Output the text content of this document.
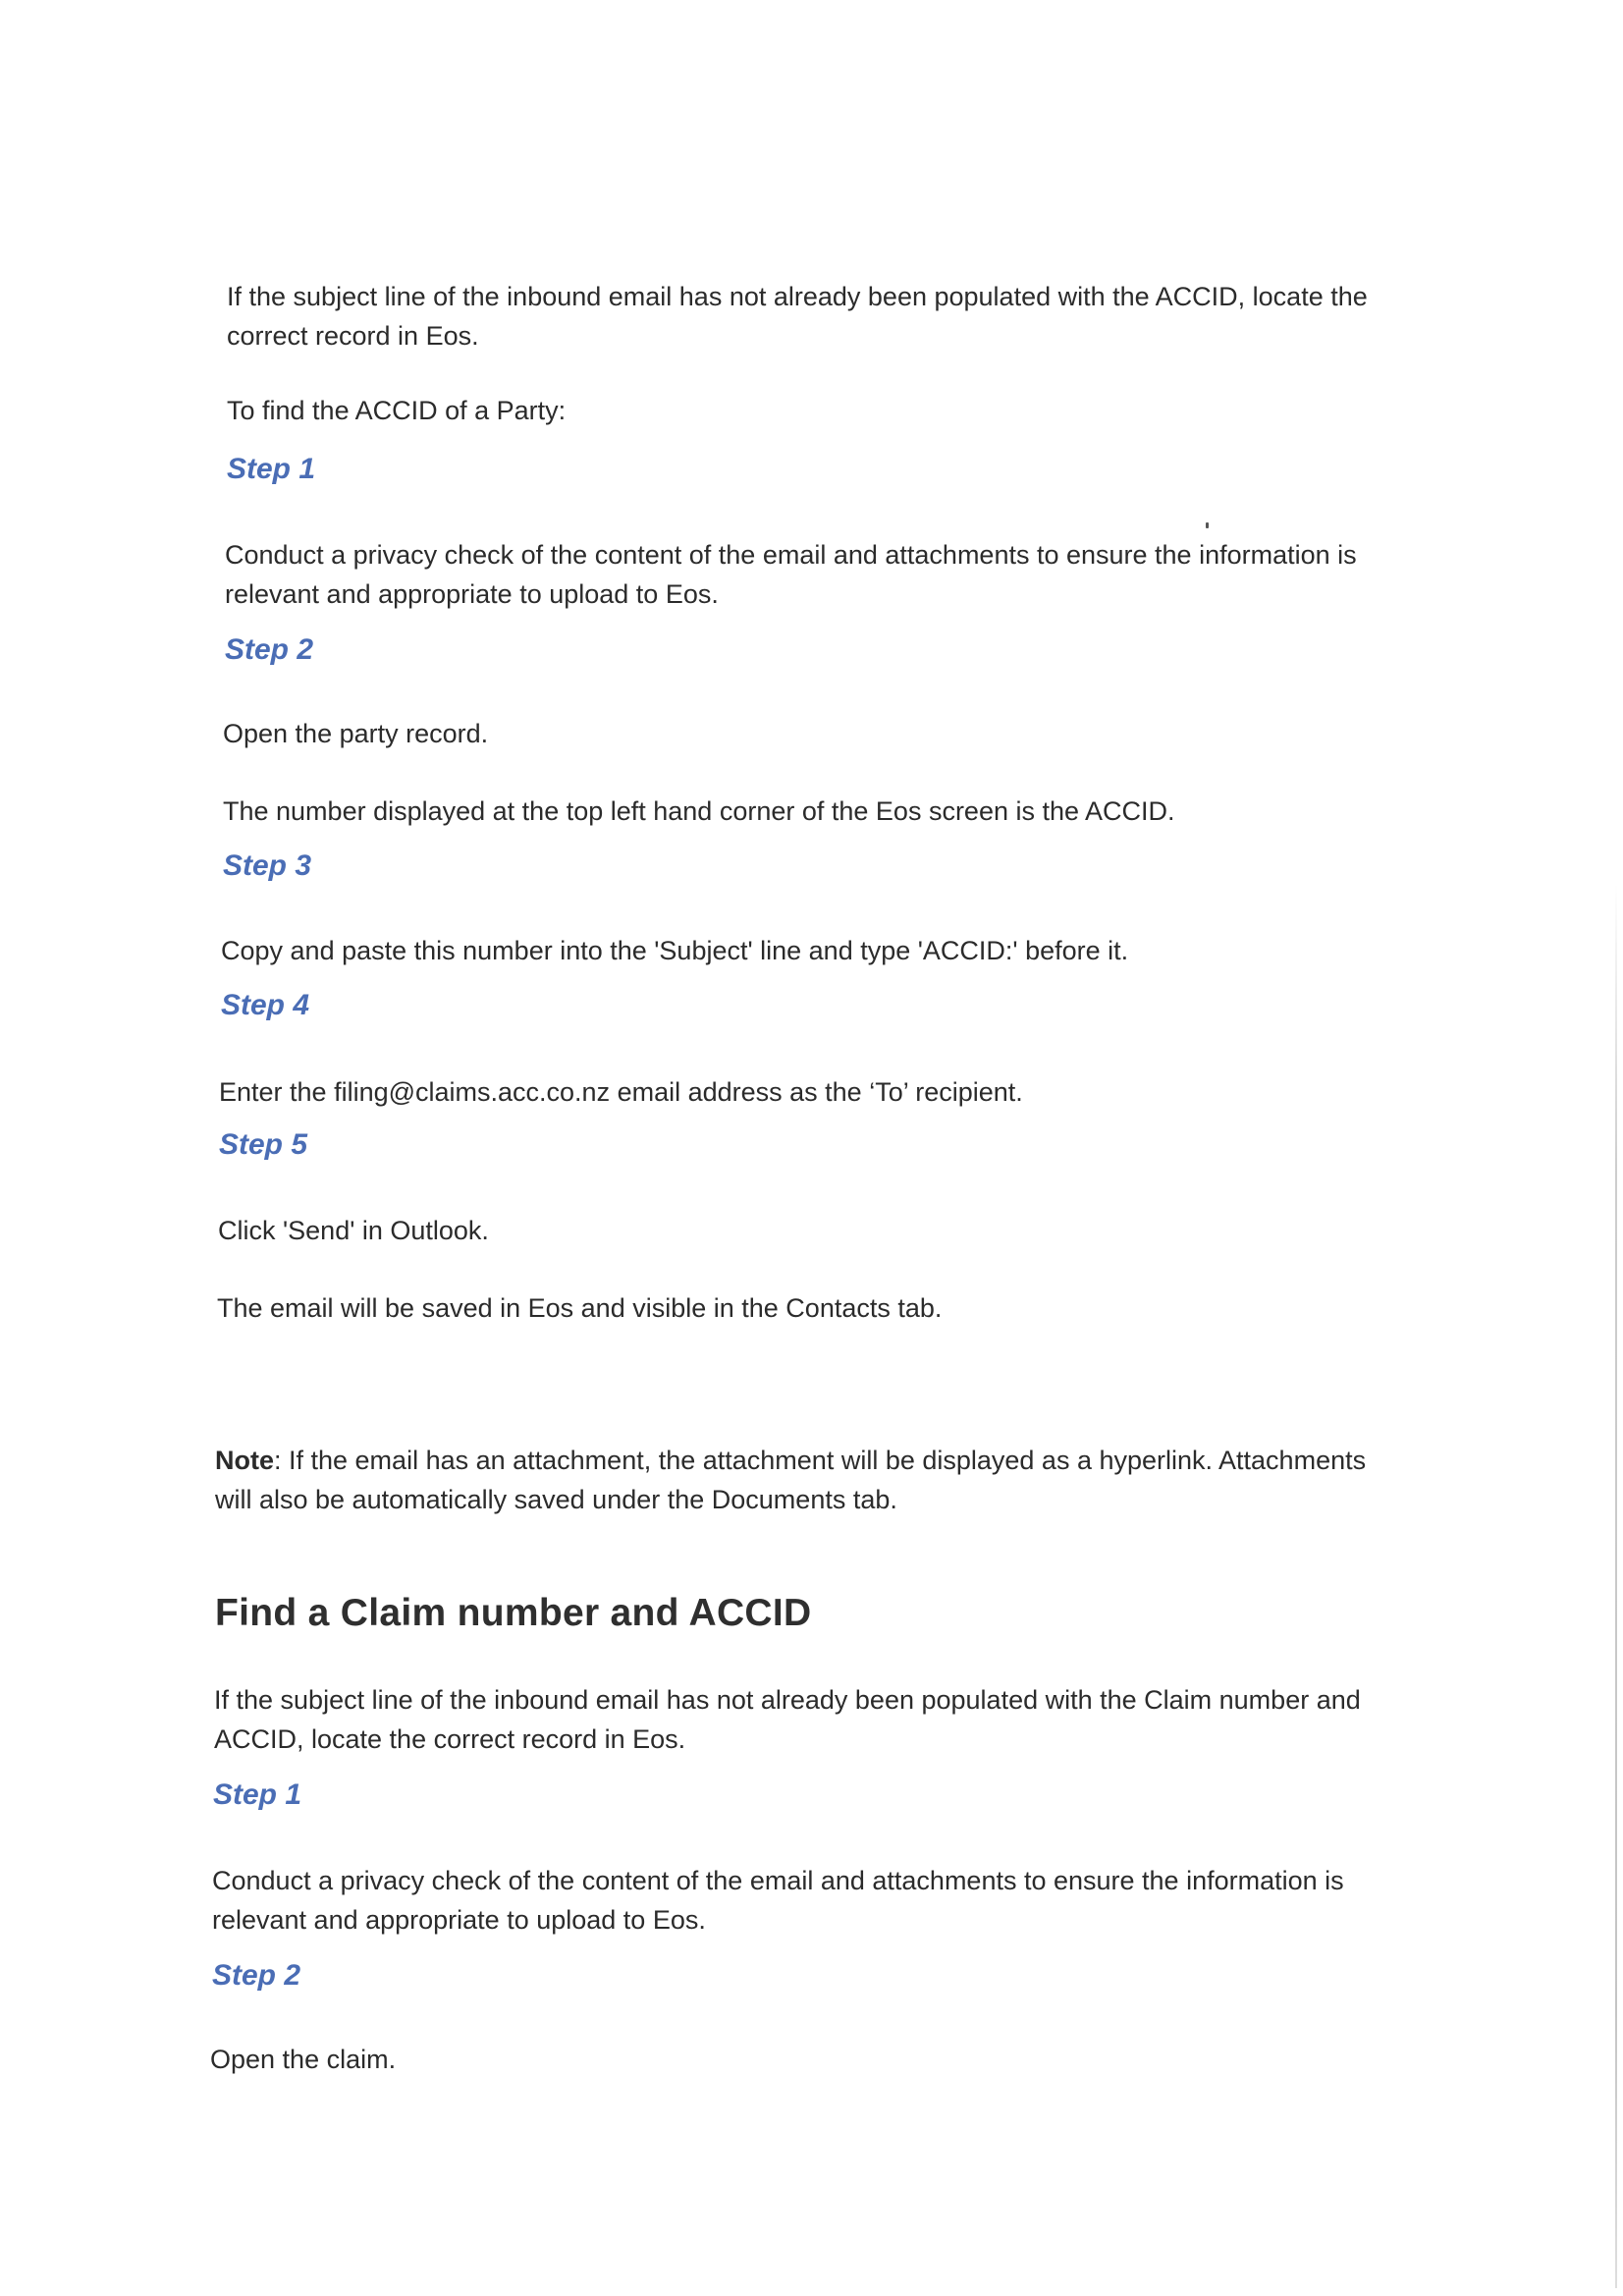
If the subject line of the inbound email has not already been populated with the ACCID, locate the correct record in Eos.
To find the ACCID of a Party:
Step 1
Conduct a privacy check of the content of the email and attachments to ensure the information is relevant and appropriate to upload to Eos.
Step 2
Open the party record.
The number displayed at the top left hand corner of the Eos screen is the ACCID.
Step 3
Copy and paste this number into the 'Subject' line and type 'ACCID:' before it.
Step 4
Enter the filing@claims.acc.co.nz email address as the ‘To’ recipient.
Step 5
Click 'Send' in Outlook.
The email will be saved in Eos and visible in the Contacts tab.
Note: If the email has an attachment, the attachment will be displayed as a hyperlink. Attachments will also be automatically saved under the Documents tab.
Find a Claim number and ACCID
If the subject line of the inbound email has not already been populated with the Claim number and ACCID, locate the correct record in Eos.
Step 1
Conduct a privacy check of the content of the email and attachments to ensure the information is relevant and appropriate to upload to Eos.
Step 2
Open the claim.
